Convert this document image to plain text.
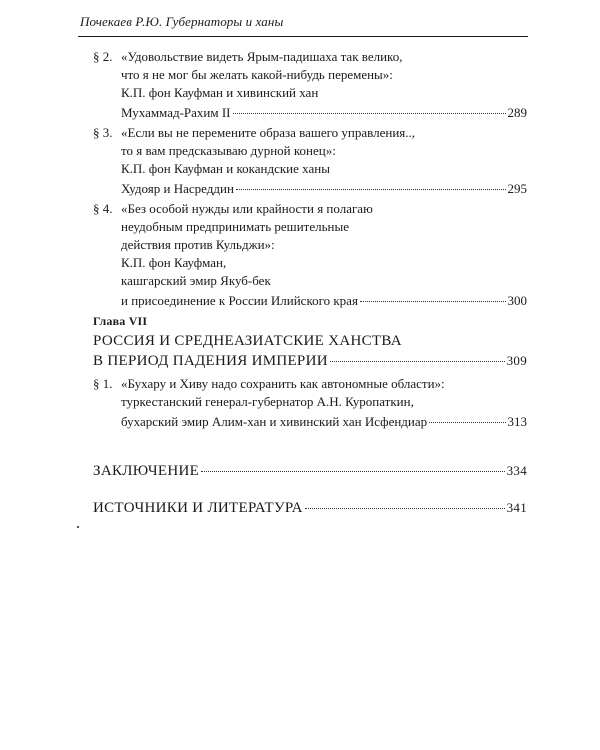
Почекаев Р.Ю. Губернаторы и ханы
§ 2. «Удовольствие видеть Ярым-падишаха так велико,
что я не мог бы желать какой-нибудь перемены»:
К.П. фон Кауфман и хивинский хан
Мухаммад-Рахим II	289
§ 3. «Если вы не перемените образа вашего управления..,
то я вам предсказываю дурной конец»:
К.П. фон Кауфман и кокандские ханы
Худояр и Насреддин	295
§ 4. «Без особой нужды или крайности я полагаю
неудобным предпринимать решительные
действия против Кульджи»:
К.П. фон Кауфман,
кашгарский эмир Якуб-бек
и присоединение к России Илийского края	300
Глава VII
РОССИЯ И СРЕДНЕАЗИАТСКИЕ ХАНСТВА
В ПЕРИОД ПАДЕНИЯ ИМПЕРИИ	309
§ 1. «Бухару и Хиву надо сохранить как автономные области»:
туркестанский генерал-губернатор А.Н. Куропаткин,
бухарский эмир Алим-хан и хивинский хан Исфендиар	313
ЗАКЛЮЧЕНИЕ	334
ИСТОЧНИКИ И ЛИТЕРАТУРА	341
